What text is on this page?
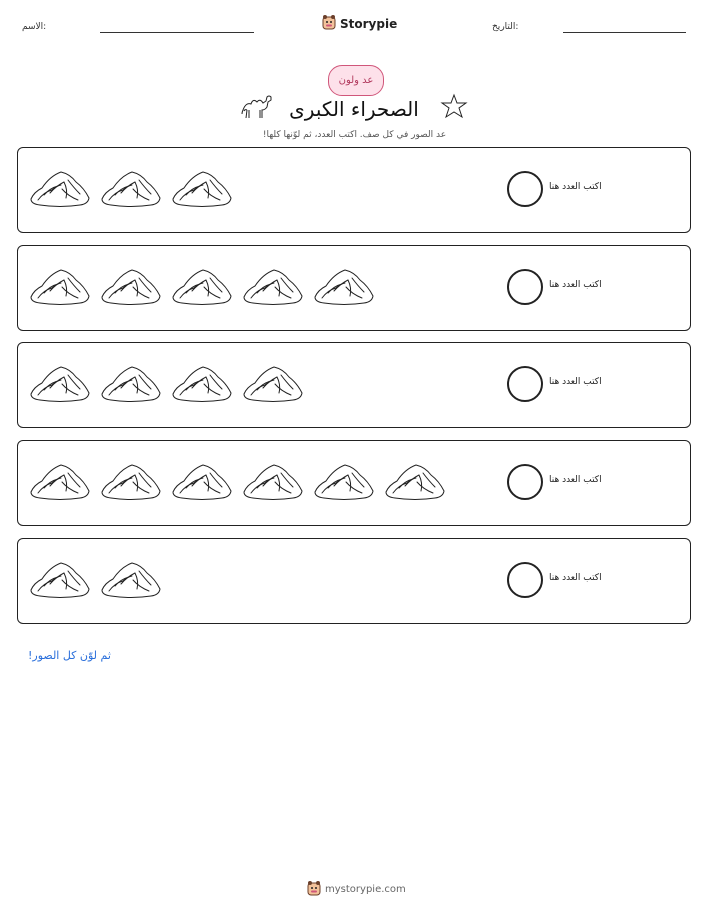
الاسم:	Storypie	التاريخ:
عد ولون
الصحراء الكبرى
عد الصور في كل صف. اكتب العدد، ثم لوّنها كلها!
اكتب العدد هنا
اكتب العدد هنا
اكتب العدد هنا
اكتب العدد هنا
اكتب العدد هنا
ثم لوّن كل الصور!
mystorypie.com
